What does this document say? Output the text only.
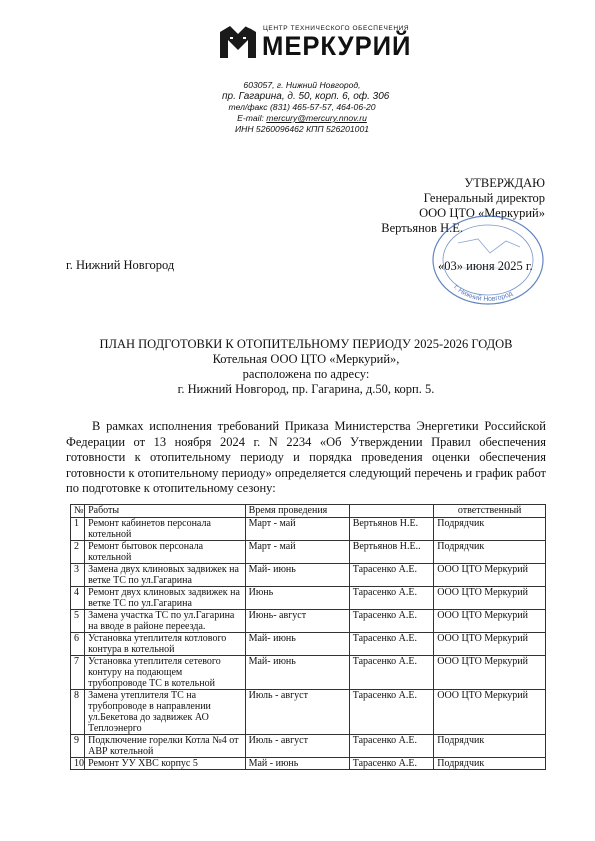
ЦЕНТР ТЕХНИЧЕСКОГО ОБЕСПЕЧЕНИЯ
МЕРКУРИЙ
603057, г. Нижний Новгород,
пр. Гагарина, д. 50, корп. 6, оф. 306
тел/факс (831) 465-57-57, 464-06-20
E-mail: mercury@mercury.nnov.ru
ИНН 5260096462 КПП 526201001
УТВЕРЖДАЮ
Генеральный директор
ООО ЦТО «Меркурий»
Вертьянов Н.Е.
г. Нижний Новгород
г. Нижний Новгород	«03» июня 2025 г.
ПЛАН ПОДГОТОВКИ К ОТОПИТЕЛЬНОМУ ПЕРИОДУ 2025-2026 ГОДОВ
Котельная ООО ЦТО «Меркурий»,
расположена по адресу:
г. Нижний Новгород, пр. Гагарина, д.50, корп. 5.

В рамках исполнения требований Приказа Министерства Энергетики Российской Федерации от 13 ноября 2024 г. N 2234 «Об Утверждении Правил обеспечения готовности к отопительному периоду и порядка проведения оценки обеспечения готовности к отопительному периоду» определяется следующий перечень и график работ по подготовке к отопительному сезону:

№	Работы	Время проведения		ответственный
1	Ремонт кабинетов персонала котельной	Март - май	Вертьянов Н.Е.	Подрядчик
2	Ремонт бытовок персонала котельной	Март - май	Вертьянов Н.Е..	Подрядчик
3	Замена двух клиновых задвижек на ветке ТС по ул.Гагарина	Май- июнь	Тарасенко А.Е.	ООО ЦТО Меркурий
4	Ремонт двух клиновых задвижек на ветке ТС по ул.Гагарина	Июнь	Тарасенко А.Е.	ООО ЦТО Меркурий
5	Замена участка ТС по ул.Гагарина на вводе в районе переезда.	Июнь- август	Тарасенко А.Е.	ООО ЦТО Меркурий
6	Установка утеплителя котлового контура в котельной	Май- июнь	Тарасенко А.Е.	ООО ЦТО Меркурий
7	Установка утеплителя сетевого контуру на подающем трубопроводе ТС в котельной	Май- июнь	Тарасенко А.Е.	ООО ЦТО Меркурий
8	Замена утеплителя ТС на трубопроводе в направлении ул.Бекетова до задвижек АО Теплоэнерго	Июль - август	Тарасенко А.Е.	ООО ЦТО Меркурий
9	Подключение горелки Котла №4 от АВР котельной	Июль - август	Тарасенко А.Е.	Подрядчик
10	Ремонт УУ ХВС корпус 5	Май - июнь	Тарасенко А.Е.	Подрядчик
